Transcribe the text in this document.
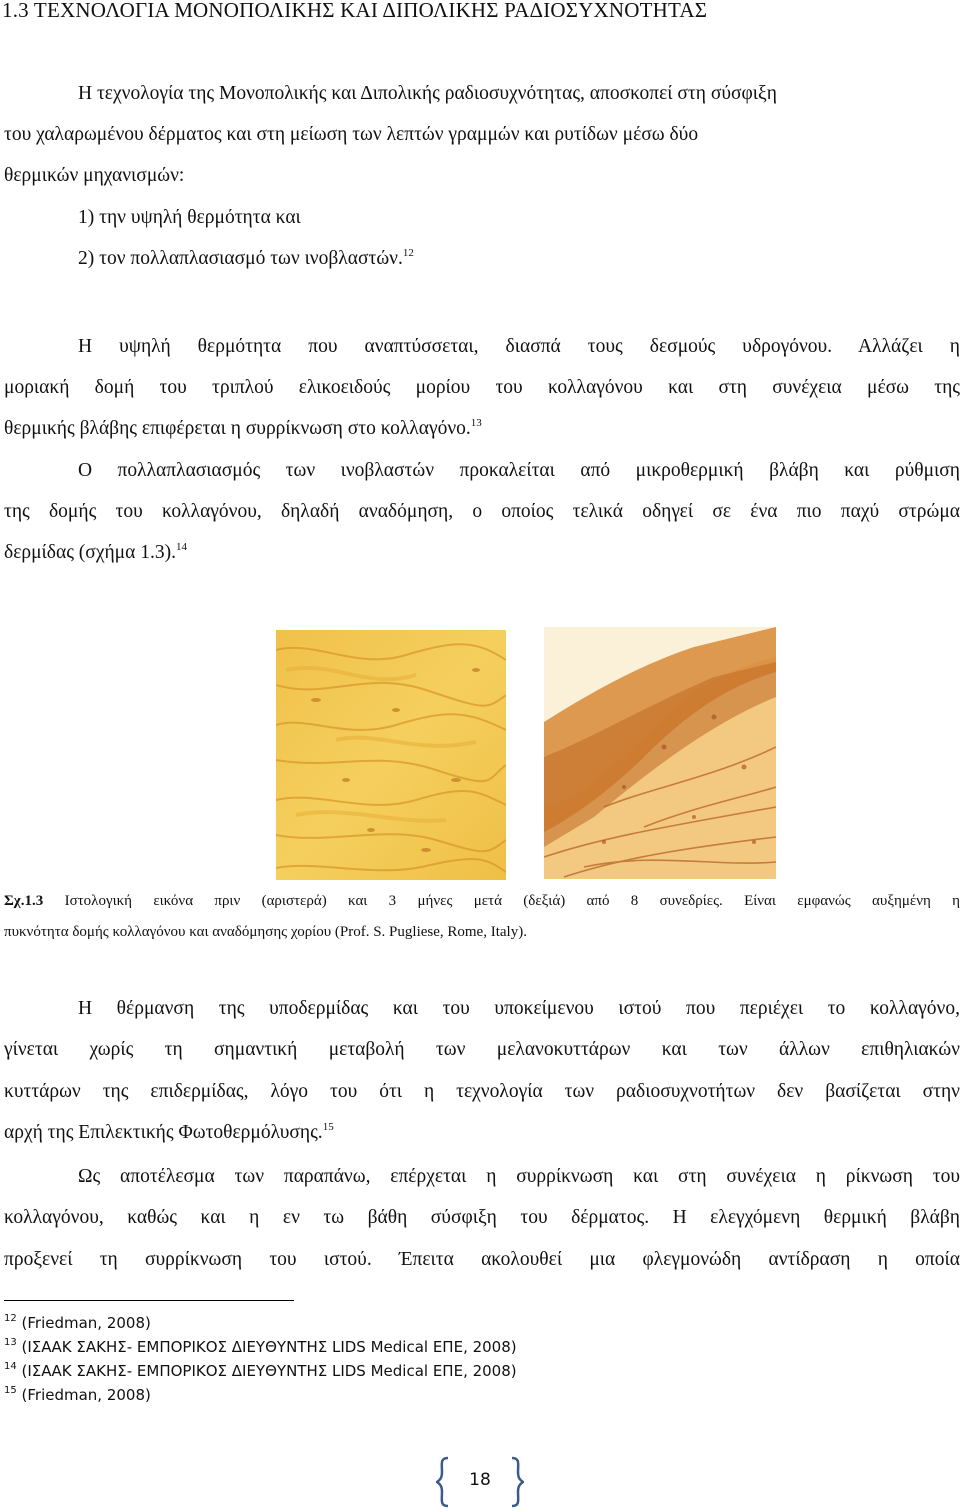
1.3 ΤΕΧΝΟΛΟΓΙΑ ΜΟΝΟΠΟΛΙΚΗΣ ΚΑΙ ΔΙΠΟΛΙΚΗΣ ΡΑΔΙΟΣΥΧΝΟΤΗΤΑΣ
Η τεχνολογία της Μονοπολικής και Διπολικής ραδιοσυχνότητας, αποσκοπεί στη σύσφιξη
του χαλαρωμένου δέρματος και στη μείωση των λεπτών γραμμών και ρυτίδων μέσω δύο
θερμικών μηχανισμών:
1) την υψηλή θερμότητα και
2) τον πολλαπλασιασμό των ινοβλαστών.$^{12}$
Η υψηλή θερμότητα που αναπτύσσεται, διασπά τους δεσμούς υδρογόνου. Αλλάζει η
μοριακή δομή του τριπλού ελικοειδούς μορίου του κολλαγόνου και στη συνέχεια μέσω της
θερμικής βλάβης επιφέρεται η συρρίκνωση στο κολλαγόνο.$^{13}$
Ο πολλαπλασιασμός των ινοβλαστών προκαλείται από μικροθερμική βλάβη και ρύθμιση
της δομής του κολλαγόνου, δηλαδή αναδόμηση, ο οποίος τελικά οδηγεί σε ένα πιο παχύ στρώμα
δερμίδας (σχήμα 1.3).$^{14}$
Σχ.1.3 Ιστολογική εικόνα πριν (αριστερά) και 3 μήνες μετά (δεξιά) από 8 συνεδρίες. Είναι εμφανώς αυξημένη η
πυκνότητα δομής κολλαγόνου και αναδόμησης χορίου (Prof. S. Pugliese, Rome, Italy).
Η θέρμανση της υποδερμίδας και του υποκείμενου ιστού που περιέχει το κολλαγόνο,
γίνεται χωρίς τη σημαντική μεταβολή των μελανοκυττάρων και των άλλων επιθηλιακών
κυττάρων της επιδερμίδας, λόγο του ότι η τεχνολογία των ραδιοσυχνοτήτων δεν βασίζεται στην
αρχή της Επιλεκτικής Φωτοθερμόλυσης.$^{15}$
Ως αποτέλεσμα των παραπάνω, επέρχεται η συρρίκνωση και στη συνέχεια η ρίκνωση του
κολλαγόνου, καθώς και η εν τω βάθη σύσφιξη του δέρματος. Η ελεγχόμενη θερμική βλάβη
προξενεί τη συρρίκνωση του ιστού. Έπειτα ακολουθεί μια φλεγμονώδη αντίδραση η οποία
$^{12}$ (Friedman, 2008)
$^{13}$ (ΙΣΑΑΚ ΣΑΚΗΣ- ΕΜΠΟΡΙΚΟΣ ΔΙΕΥΘΥΝΤΗΣ LIDS Medical ΕΠΕ, 2008)
$^{14}$ (ΙΣΑΑΚ ΣΑΚΗΣ- ΕΜΠΟΡΙΚΟΣ ΔΙΕΥΘΥΝΤΗΣ LIDS Medical ΕΠΕ, 2008)
$^{15}$ (Friedman, 2008)
18
